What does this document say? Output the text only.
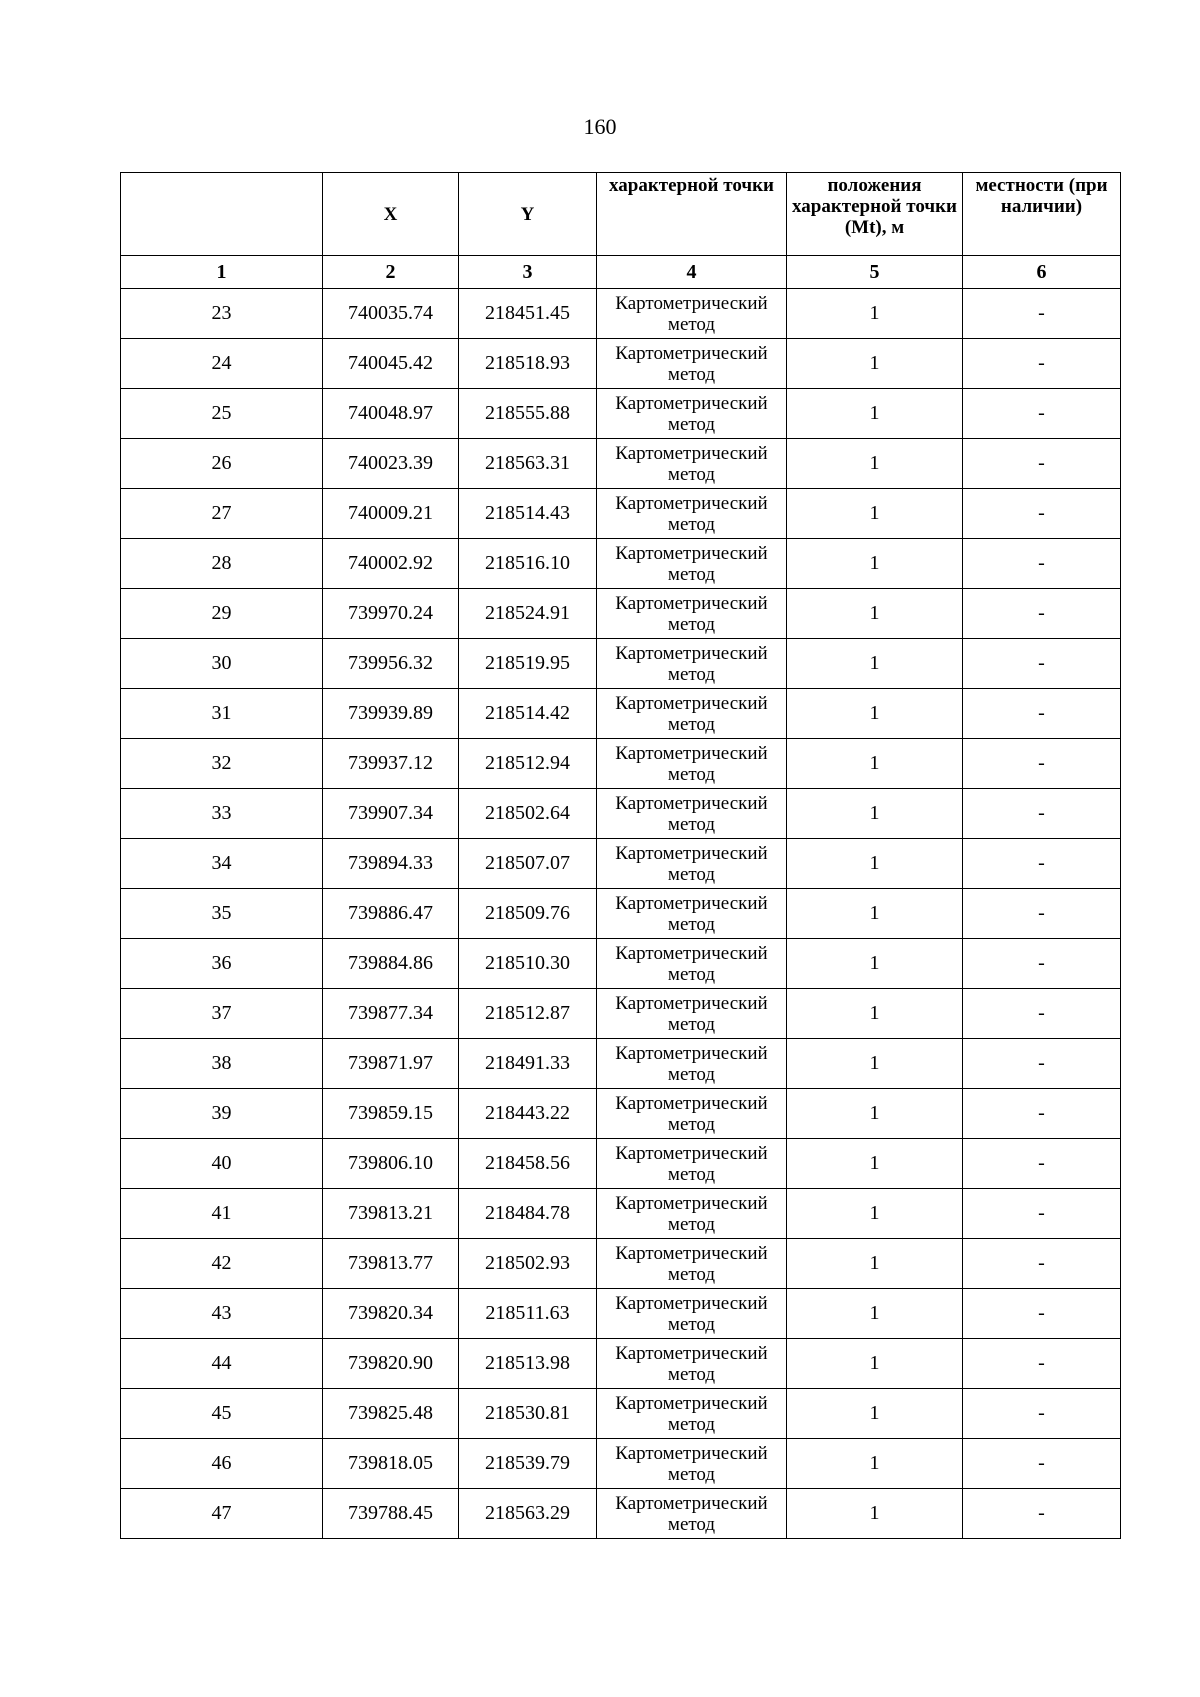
160
	X	Y	характерной точки	положения характерной точки (Mt), м	местности (при наличии)
1	2	3	4	5	6
23	740035.74	218451.45	Картометрический метод	1	-
24	740045.42	218518.93	Картометрический метод	1	-
25	740048.97	218555.88	Картометрический метод	1	-
26	740023.39	218563.31	Картометрический метод	1	-
27	740009.21	218514.43	Картометрический метод	1	-
28	740002.92	218516.10	Картометрический метод	1	-
29	739970.24	218524.91	Картометрический метод	1	-
30	739956.32	218519.95	Картометрический метод	1	-
31	739939.89	218514.42	Картометрический метод	1	-
32	739937.12	218512.94	Картометрический метод	1	-
33	739907.34	218502.64	Картометрический метод	1	-
34	739894.33	218507.07	Картометрический метод	1	-
35	739886.47	218509.76	Картометрический метод	1	-
36	739884.86	218510.30	Картометрический метод	1	-
37	739877.34	218512.87	Картометрический метод	1	-
38	739871.97	218491.33	Картометрический метод	1	-
39	739859.15	218443.22	Картометрический метод	1	-
40	739806.10	218458.56	Картометрический метод	1	-
41	739813.21	218484.78	Картометрический метод	1	-
42	739813.77	218502.93	Картометрический метод	1	-
43	739820.34	218511.63	Картометрический метод	1	-
44	739820.90	218513.98	Картометрический метод	1	-
45	739825.48	218530.81	Картометрический метод	1	-
46	739818.05	218539.79	Картометрический метод	1	-
47	739788.45	218563.29	Картометрический метод	1	-
